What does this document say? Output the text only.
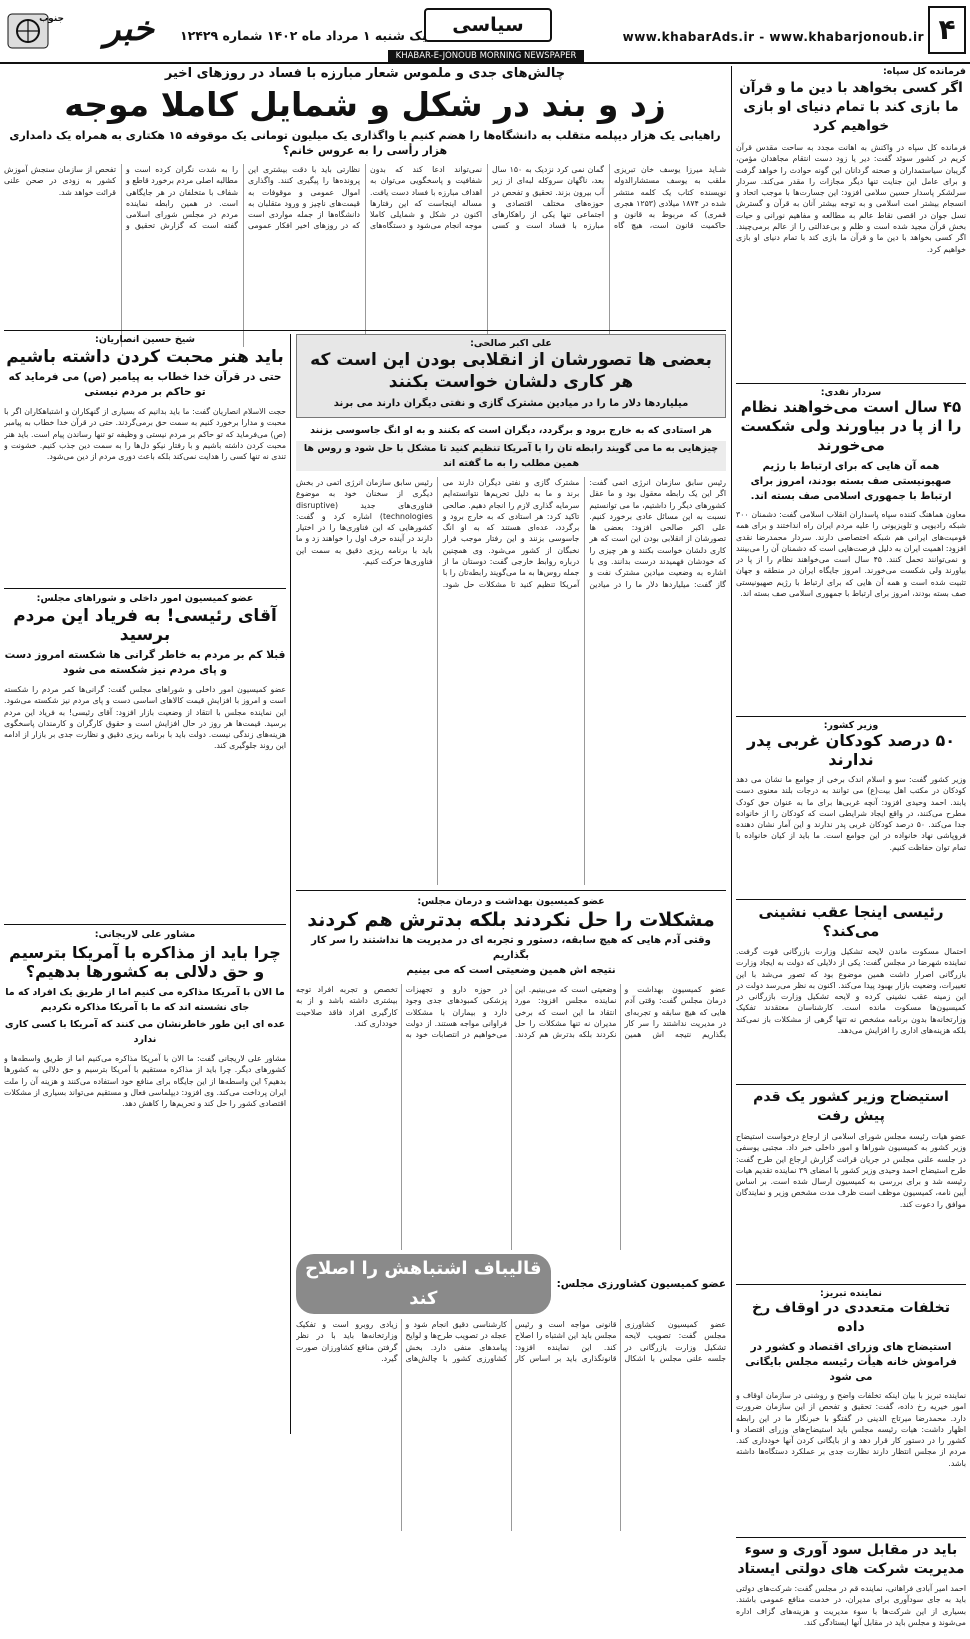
۴
www.khabarAds.ir - www.khabarjonoub.ir
سیاسی
یک شنبه ۱ مرداد ماه ۱۴۰۲ شماره ۱۲۴۲۹
خبر
جنوب
KHABAR-E-JONOUB MORNING NEWSPAPER
فرمانده کل سپاه:
اگر کسی بخواهد با دین ما و قرآن ما بازی کند با تمام دنیای او بازی خواهیم کرد
فرمانده کل سپاه در واکنش به اهانت مجدد به ساحت مقدس قرآن کریم در کشور سوئد گفت: دیر یا زود دست انتقام مجاهدان مؤمن، گریبان سیاستمداران و صحنه گردانان این گونه حوادث را خواهد گرفت و برای عامل این جنایت تنها دیگر مجازات را مقدر می‌کند. سردار سرلشکر پاسدار حسین سلامی افزود: این جسارت‌ها با موجب اتحاد و انسجام بیشتر امت اسلامی و به توجه بیشتر آنان به قرآن و گسترش نسل جوان در اقصی نقاط عالم به مطالعه و مفاهیم نورانی و حیات بخش قرآن مجید شده است و ظلم و بی‌عدالتی را از عالم برمی‌چیند. اگر کسی بخواهد با دین ما و قرآن ما بازی کند با تمام دنیای او بازی خواهیم کرد.
سردار نقدی:
۴۵ سال است می‌خواهند نظام را از پا در بیاورند ولی شکست می‌خورند
همه آن هایی که برای ارتباط با رژیم صهیونیستی صف بسته بودند، امروز برای ارتباط با جمهوری اسلامی صف بسته اند.
معاون هماهنگ کننده سپاه پاسداران انقلاب اسلامی گفت: دشمنان ۳۰۰ شبکه رادیویی و تلویزیونی را علیه مردم ایران راه انداختند و برای همه قومیت‌های ایرانی هم شبکه اختصاصی دارند. سردار محمدرضا نقدی افزود: اهمیت ایران به دلیل فرصت‌هایی است که دشمنان آن را می‌بینند و نمی‌توانند تحمل کنند. ۴۵ سال است می‌خواهند نظام را از پا در بیاورند ولی شکست می‌خورند. امروز جایگاه ایران در منطقه و جهان تثبیت شده است و همه آن هایی که برای ارتباط با رژیم صهیونیستی صف بسته بودند، امروز برای ارتباط با جمهوری اسلامی صف بسته اند.
وزیر کشور:
۵۰ درصد کودکان غربی پدر ندارند
وزیر کشور گفت: سو و اسلام اندک برخی از جوامع ما نشان می دهد کودکان در مکتب اهل بیت(ع) می توانند به درجات بلند معنوی دست یابند. احمد وحیدی افزود: آنچه غربی‌ها برای ما به عنوان حق کودک مطرح می‌کنند، در واقع ایجاد شرایطی است که کودکان را از خانواده جدا می‌کند. ۵۰ درصد کودکان غربی پدر ندارند و این آمار نشان دهنده فروپاشی نهاد خانواده در این جوامع است. ما باید از کیان خانواده با تمام توان حفاظت کنیم.
رئیسی اینجا عقب نشینی می‌کند؟
احتمال مسکوت ماندن لایحه تشکیل وزارت بازرگانی قوت گرفت. نماینده شهرضا در مجلس گفت: یکی از دلایلی که دولت به ایجاد وزارت بازرگانی اصرار داشت همین موضوع بود که تصور می‌شد با این تغییرات، وضعیت بازار بهبود پیدا می‌کند. اکنون به نظر می‌رسد دولت در این زمینه عقب نشینی کرده و لایحه تشکیل وزارت بازرگانی در کمیسیون‌ها مسکوت مانده است. کارشناسان معتقدند تفکیک وزارتخانه‌ها بدون برنامه مشخص نه تنها گرهی از مشکلات باز نمی‌کند بلکه هزینه‌های اداری را افزایش می‌دهد.
استیضاح وزیر کشور یک قدم پیش رفت
عضو هیات رئیسه مجلس شورای اسلامی از ارجاع درخواست استیضاح وزیر کشور به کمیسیون شوراها و امور داخلی خبر داد. مجتبی یوسفی در جلسه علنی مجلس در جریان قرائت گزارش ارجاع این طرح گفت: طرح استیضاح احمد وحیدی وزیر کشور با امضای ۳۹ نماینده تقدیم هیات رئیسه شد و برای بررسی به کمیسیون ارسال شده است. بر اساس آیین نامه، کمیسیون موظف است ظرف مدت مشخص وزیر و نمایندگان موافق را دعوت کند.
نماینده تبریز:
تخلفات متعددی در اوقاف رخ داده
استیضاح های وزرای اقتصاد و کشور در فراموش خانه هیأت رئیسه مجلس بایگانی می شود
نماینده تبریز با بیان اینکه تخلفات واضح و روشنی در سازمان اوقاف و امور خیریه رخ داده، گفت: تحقیق و تفحص از این سازمان ضرورت دارد. محمدرضا میرتاج الدینی در گفتگو با خبرنگار ما در این رابطه اظهار داشت: هیات رئیسه مجلس باید استیضاح‌های وزرای اقتصاد و کشور را در دستور کار قرار دهد و از بایگانی کردن آنها خودداری کند. مردم از مجلس انتظار دارند نظارت جدی بر عملکرد دستگاه‌ها داشته باشد.
باید در مقابل سود آوری و سوء مدیریت شرکت های دولتی ایستاد
احمد امیر آبادی فراهانی، نماینده قم در مجلس گفت: شرکت‌های دولتی باید به جای سودآوری برای مدیران، در خدمت منافع عمومی باشند. بسیاری از این شرکت‌ها با سوء مدیریت و هزینه‌های گزاف اداره می‌شوند و مجلس باید در مقابل آنها ایستادگی کند.
چالش‌های جدی و ملموس شعار مبارزه با فساد در روزهای اخیر
زد و بند در شکل و شمایل کاملا موجه
راهیابی یک هزار دیپلمه متقلب به دانشگاه‌ها را هضم کنیم یا واگذاری یک میلیون تومانی یک موقوفه ۱۵ هکتاری به همراه یک دامداری هزار رأسی را به عروس خانم؟
شـاید میرزا یوسف خان تبریزی ملقب به یوسف مستشارالدوله نویسنده کتاب یک کلمه منتشر شده در ۱۸۷۴ میلادی (۱۲۵۳ هجری قمری) که مربوط به قانون و حاکمیت قانون است، هیچ گاه گمان نمی کرد نزدیک به ۱۵۰ سال بعد، ناگهان سروکله لبه‌ای از زیر آب بیرون بزند. تحقیق و تفحص در حوزه‌های مختلف اقتصادی و اجتماعی تنها یکی از راهکارهای مبارزه با فساد است و کسی نمی‌تواند ادعا کند که بدون شفافیت و پاسخگویی می‌توان به اهداف مبارزه با فساد دست یافت. مساله اینجاست که این رفتارها اکنون در شکل و شمایلی کاملا موجه انجام می‌شود و دستگاه‌های نظارتی باید با دقت بیشتری این پرونده‌ها را پیگیری کنند. واگذاری اموال عمومی و موقوفات به قیمت‌های ناچیز و ورود متقلبان به دانشگاه‌ها از جمله مواردی است که در روزهای اخیر افکار عمومی را به شدت نگران کرده است و مطالبه اصلی مردم برخورد قاطع و شفاف با متخلفان در هر جایگاهی است. در همین رابطه نماینده مردم در مجلس شورای اسلامی گفته است که گزارش تحقیق و تفحص از سازمان سنجش آموزش کشور به زودی در صحن علنی قرائت خواهد شد.
شیخ حسین انصاریان:
باید هنر محبت کردن داشته باشیم
حتی در قرآن خدا خطاب به پیامبر (ص) می فرماید که تو حاکم بر مردم نیستی
حجت الاسلام انصاریان گفت: ما باید بدانیم که بسیاری از گنهکاران و اشتباهکاران اگر با محبت و مدارا برخورد کنیم به سمت حق برمی‌گردند. حتی در قرآن خدا خطاب به پیامبر (ص) می‌فرماید که تو حاکم بر مردم نیستی و وظیفه تو تنها رساندن پیام است. باید هنر محبت کردن داشته باشیم و با رفتار نیکو دل‌ها را به سمت دین جذب کنیم. خشونت و تندی نه تنها کسی را هدایت نمی‌کند بلکه باعث دوری مردم از دین می‌شود.
عضو کمیسیون امور داخلی و شوراهای مجلس:
آقای رئیسی! به فریاد این مردم برسید
قبلا کم بر مردم به خاطر گرانی ها شکسته امروز دست و پای مردم نیز شکسته می شود
عضو کمیسیون امور داخلی و شوراهای مجلس گفت: گرانی‌ها کمر مردم را شکسته است و امروز با افزایش قیمت کالاهای اساسی دست و پای مردم نیز شکسته می‌شود. این نماینده مجلس با انتقاد از وضعیت بازار افزود: آقای رئیسی! به فریاد این مردم برسید. قیمت‌ها هر روز در حال افزایش است و حقوق کارگران و کارمندان پاسخگوی هزینه‌های زندگی نیست. دولت باید با برنامه ریزی دقیق و نظارت جدی بر بازار از ادامه این روند جلوگیری کند.
مشاور علی لاریجانی:
چرا باید از مذاکره با آمریکا بترسیم و حق دلالی به کشورها بدهیم؟
ما الان با آمریکا مذاکره می کنیم اما از طریق یک افراد که ما جای نشسته اند که ما با آمریکا مذاکره نکردیم
عده ای این طور خاطرنشان می کنند که آمریکا با کسی کاری ندارد
مشاور علی لاریجانی گفت: ما الان با آمریکا مذاکره می‌کنیم اما از طریق واسطه‌ها و کشورهای دیگر. چرا باید از مذاکره مستقیم با آمریکا بترسیم و حق دلالی به کشورها بدهیم؟ این واسطه‌ها از این جایگاه برای منافع خود استفاده می‌کنند و هزینه آن را ملت ایران پرداخت می‌کند. وی افزود: دیپلماسی فعال و مستقیم می‌تواند بسیاری از مشکلات اقتصادی کشور را حل کند و تحریم‌ها را کاهش دهد.
علی اکبر صالحی:
بعضی ها تصورشان از انقلابی بودن این است که هر کاری دلشان خواست بکنند
میلیاردها دلار ما را در میادین مشترک گازی و نفتی دیگران دارند می برند
هر استادی که به خارج برود و برگردد، دیگران است که بکنند و به او انگ جاسوسی بزنند
چیزهایی به ما می گویند رابطه تان را با آمریکا تنظیم کنید تا مشکل با حل شود و روس ها همین مطلب را به ما گفته اند
رئیس سابق سازمان انرژی اتمی گفت: اگر این یک رابطه معقول بود و ما عقل کشورهای دیگر را داشتیم، ما می توانستیم نسبت به این مسائل عادی برخورد کنیم. علی اکبر صالحی افزود: بعضی ها تصورشان از انقلابی بودن این است که هر کاری دلشان خواست بکنند و هر چیزی را که خودشان فهمیدند درست بدانند. وی با اشاره به وضعیت میادین مشترک نفت و گاز گفت: میلیاردها دلار ما را در میادین مشترک گازی و نفتی دیگران دارند می برند و ما به دلیل تحریم‌ها نتوانسته‌ایم سرمایه گذاری لازم را انجام دهیم. صالحی تاکید کرد: هر استادی که به خارج برود و برگردد، عده‌ای هستند که به او انگ جاسوسی بزنند و این رفتار موجب فرار نخبگان از کشور می‌شود. وی همچنین درباره روابط خارجی گفت: دوستان ما از جمله روس‌ها به ما می‌گویند رابطه‌تان را با آمریکا تنظیم کنید تا مشکلات حل شود. رئیس سابق سازمان انرژی اتمی در بخش دیگری از سخنان خود به موضوع فناوری‌های جدید (disruptive technologies) اشاره کرد و گفت: کشورهایی که این فناوری‌ها را در اختیار دارند در آینده حرف اول را خواهند زد و ما باید با برنامه ریزی دقیق به سمت این فناوری‌ها حرکت کنیم.
عضو کمیسیون بهداشت و درمان مجلس:
مشکلات را حل نکردند بلکه بدترش هم کردند
وقتی آدم هایی که هیچ سابقه، دستور و تجربه ای در مدیریت ها نداشتند را سر کار بگذاریم
نتیجه اش همین وضعیتی است که می بینیم
عضو کمیسیون بهداشت و درمان مجلس گفت: وقتی آدم هایی که هیچ سابقه و تجربه‌ای در مدیریت نداشتند را سر کار بگذاریم نتیجه اش همین وضعیتی است که می‌بینیم. این نماینده مجلس افزود: مورد انتقاد ما این است که برخی مدیران نه تنها مشکلات را حل نکردند بلکه بدترش هم کردند. در حوزه دارو و تجهیزات پزشکی کمبودهای جدی وجود دارد و بیماران با مشکلات فراوانی مواجه هستند. از دولت می‌خواهیم در انتصابات خود به تخصص و تجربه افراد توجه بیشتری داشته باشد و از به کارگیری افراد فاقد صلاحیت خودداری کند.
عضو کمیسیون کشاورزی مجلس:
قالیباف اشتباهش را اصلاح کند
عضو کمیسیون کشاورزی مجلس گفت: تصویب لایحه تشکیل وزارت بازرگانی در جلسه علنی مجلس با اشکال قانونی مواجه است و رئیس مجلس باید این اشتباه را اصلاح کند. این نماینده افزود: قانونگذاری باید بر اساس کار کارشناسی دقیق انجام شود و عجله در تصویب طرح‌ها و لوایح پیامدهای منفی دارد. بخش کشاورزی کشور با چالش‌های زیادی روبرو است و تفکیک وزارتخانه‌ها باید با در نظر گرفتن منافع کشاورزان صورت گیرد.
